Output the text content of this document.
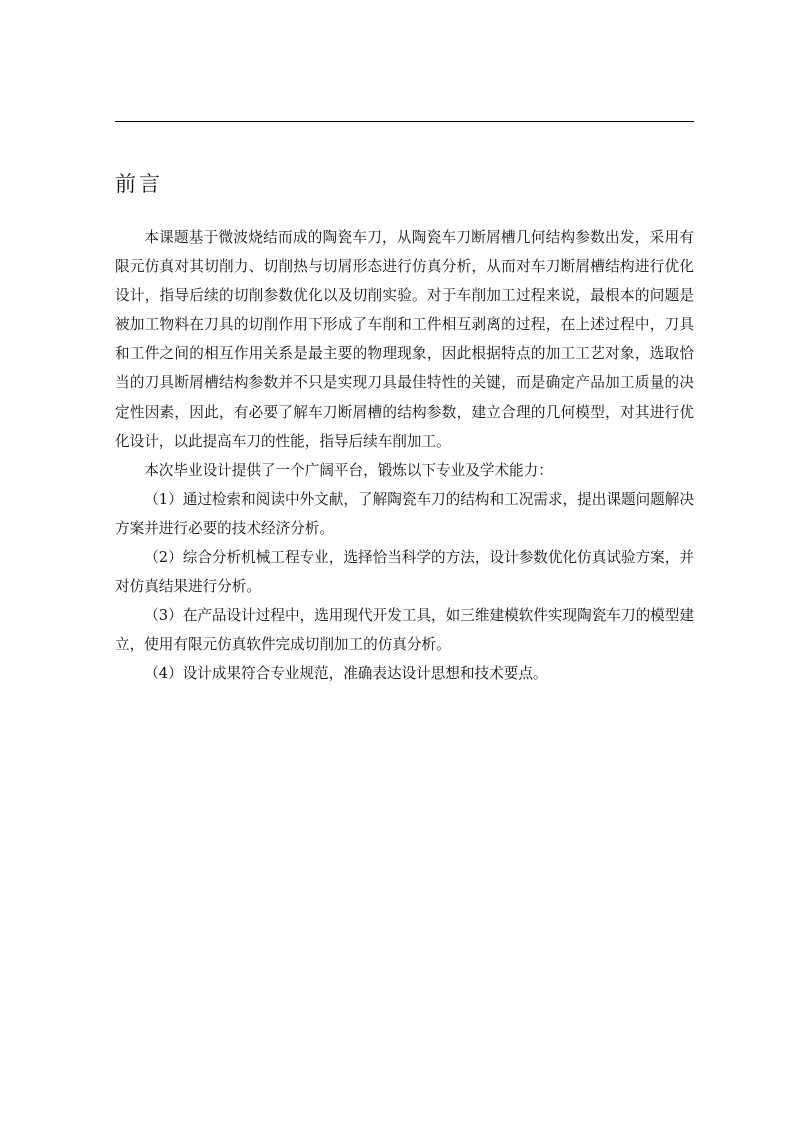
前言

本课题基于微波烧结而成的陶瓷车刀，从陶瓷车刀断屑槽几何结构参数出发，采用有限元仿真对其切削力、切削热与切屑形态进行仿真分析，从而对车刀断屑槽结构进行优化设计，指导后续的切削参数优化以及切削实验。对于车削加工过程来说，最根本的问题是被加工物料在刀具的切削作用下形成了车削和工件相互剥离的过程，在上述过程中，刀具和工件之间的相互作用关系是最主要的物理现象，因此根据特点的加工工艺对象，选取恰当的刀具断屑槽结构参数并不只是实现刀具最佳特性的关键，而是确定产品加工质量的决定性因素，因此，有必要了解车刀断屑槽的结构参数，建立合理的几何模型，对其进行优化设计，以此提高车刀的性能，指导后续车削加工。

本次毕业设计提供了一个广阔平台，锻炼以下专业及学术能力：

（1）通过检索和阅读中外文献，了解陶瓷车刀的结构和工况需求，提出课题问题解决方案并进行必要的技术经济分析。

（2）综合分析机械工程专业，选择恰当科学的方法，设计参数优化仿真试验方案，并对仿真结果进行分析。

（3）在产品设计过程中，选用现代开发工具，如三维建模软件实现陶瓷车刀的模型建立，使用有限元仿真软件完成切削加工的仿真分析。

（4）设计成果符合专业规范，准确表达设计思想和技术要点。
